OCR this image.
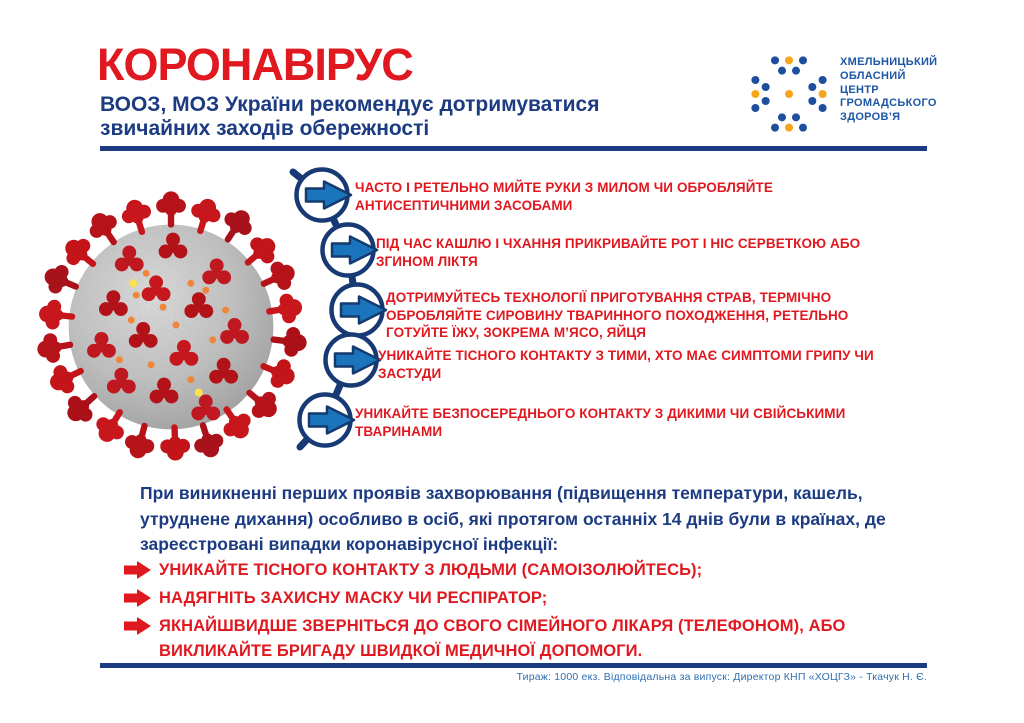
КОРОНАВІРУС
ВООЗ, МОЗ України рекомендує дотримуватися
звичайних заходів обережності
ХМЕЛЬНИЦЬКИЙ
ОБЛАСНИЙ
ЦЕНТР
ГРОМАДСЬКОГО
ЗДОРОВ’Я
ЧАСТО І РЕТЕЛЬНО МИЙТЕ РУКИ З МИЛОМ ЧИ ОБРОБЛЯЙТЕ АНТИСЕПТИЧНИМИ ЗАСОБАМИ
ПІД ЧАС КАШЛЮ І ЧХАННЯ ПРИКРИВАЙТЕ РОТ І НІС СЕРВЕТКОЮ АБО ЗГИНОМ ЛІКТЯ
ДОТРИМУЙТЕСЬ ТЕХНОЛОГІЇ ПРИГОТУВАННЯ СТРАВ, ТЕРМІЧНО ОБРОБЛЯЙТЕ СИРОВИНУ ТВАРИННОГО ПОХОДЖЕННЯ, РЕТЕЛЬНО ГОТУЙТЕ ЇЖУ, ЗОКРЕМА М’ЯСО, ЯЙЦЯ
УНИКАЙТЕ ТІСНОГО КОНТАКТУ З ТИМИ, ХТО МАЄ СИМПТОМИ ГРИПУ ЧИ ЗАСТУДИ
УНИКАЙТЕ БЕЗПОСЕРЕДНЬОГО КОНТАКТУ З ДИКИМИ ЧИ СВІЙСЬКИМИ ТВАРИНАМИ
При виникненні перших проявів захворювання (підвищення температури, кашель, утруднене дихання) особливо в осіб, які протягом останніх 14 днів були в країнах, де зареєстровані випадки коронавірусної інфекції:
УНИКАЙТЕ ТІСНОГО КОНТАКТУ З ЛЮДЬМИ (САМОІЗОЛЮЙТЕСЬ);
НАДЯГНІТЬ ЗАХИСНУ МАСКУ ЧИ РЕСПІРАТОР;
ЯКНАЙШВИДШЕ ЗВЕРНІТЬСЯ ДО СВОГО СІМЕЙНОГО ЛІКАРЯ (ТЕЛЕФОНОМ), АБО ВИКЛИКАЙТЕ БРИГАДУ ШВИДКОЇ МЕДИЧНОЇ ДОПОМОГИ.
Тираж: 1000 екз. Відповідальна за випуск: Директор КНП «ХОЦГЗ» - Ткачук Н. Є.
